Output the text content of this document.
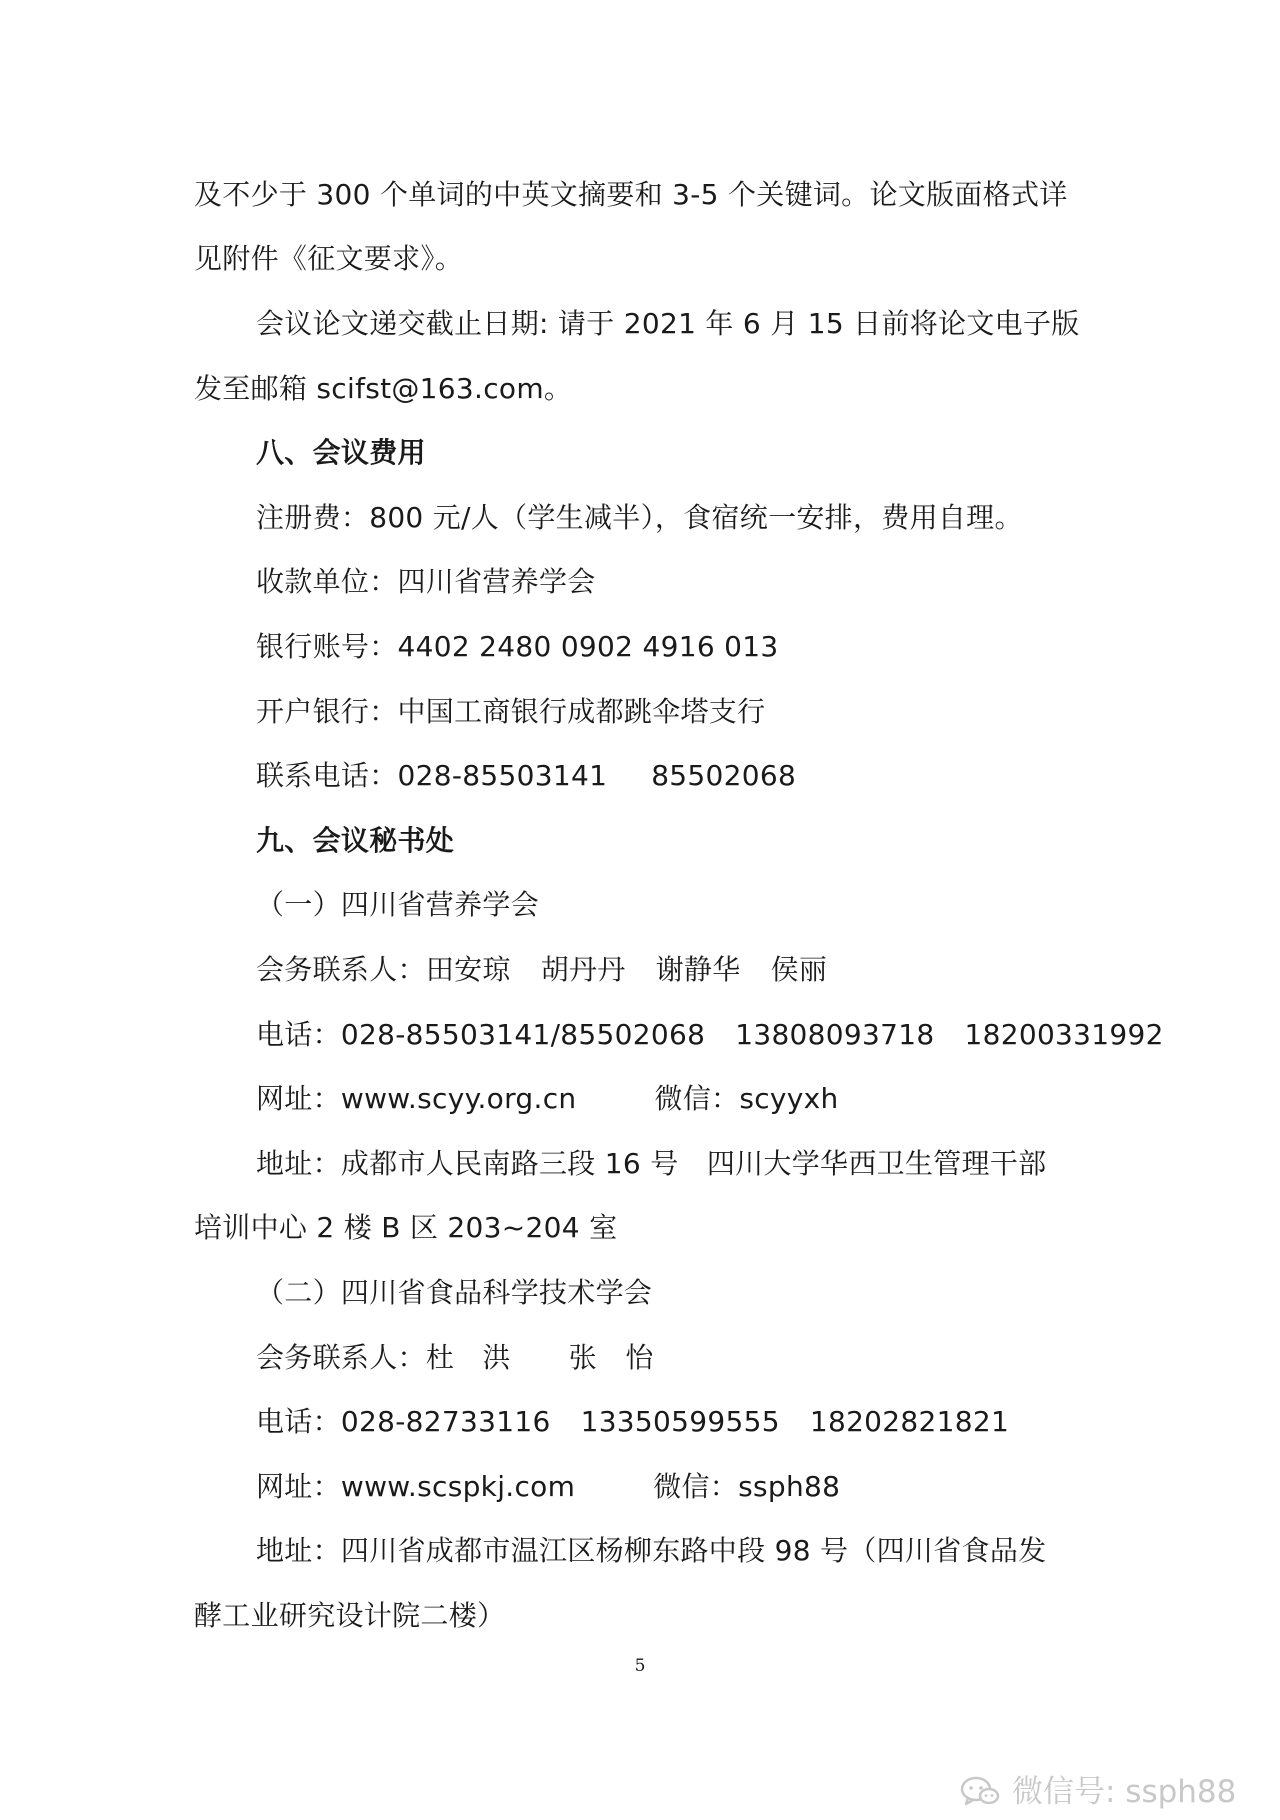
及不少于 300 个单词的中英文摘要和 3-5 个关键词。论文版面格式详
见附件《征文要求》。
会议论文递交截止日期: 请于 2021 年 6 月 15 日前将论文电子版
发至邮箱 scifst@163.com。
八、会议费用
注册费：800 元/人（学生减半），食宿统一安排，费用自理。
收款单位：四川省营养学会
银行账号：4402 2480 0902 4916 013
开户银行：中国工商银行成都跳伞塔支行
联系电话：028-85503141 85502068
九、会议秘书处
（一）四川省营养学会
会务联系人：田安琼 胡丹丹 谢静华 侯丽
电话：028-85503141/85502068 13808093718 18200331992
网址：www.scyy.org.cn	微信：scyyxh
地址：成都市人民南路三段 16 号　四川大学华西卫生管理干部
培训中心 2 楼 B 区 203~204 室
（二）四川省食品科学技术学会
会务联系人：杜　洪 张　怡
电话：028-82733116 13350599555 18202821821
网址：www.scspkj.com	微信：ssph88
地址：四川省成都市温江区杨柳东路中段 98 号（四川省食品发
酵工业研究设计院二楼）
5
微信号: ssph88
